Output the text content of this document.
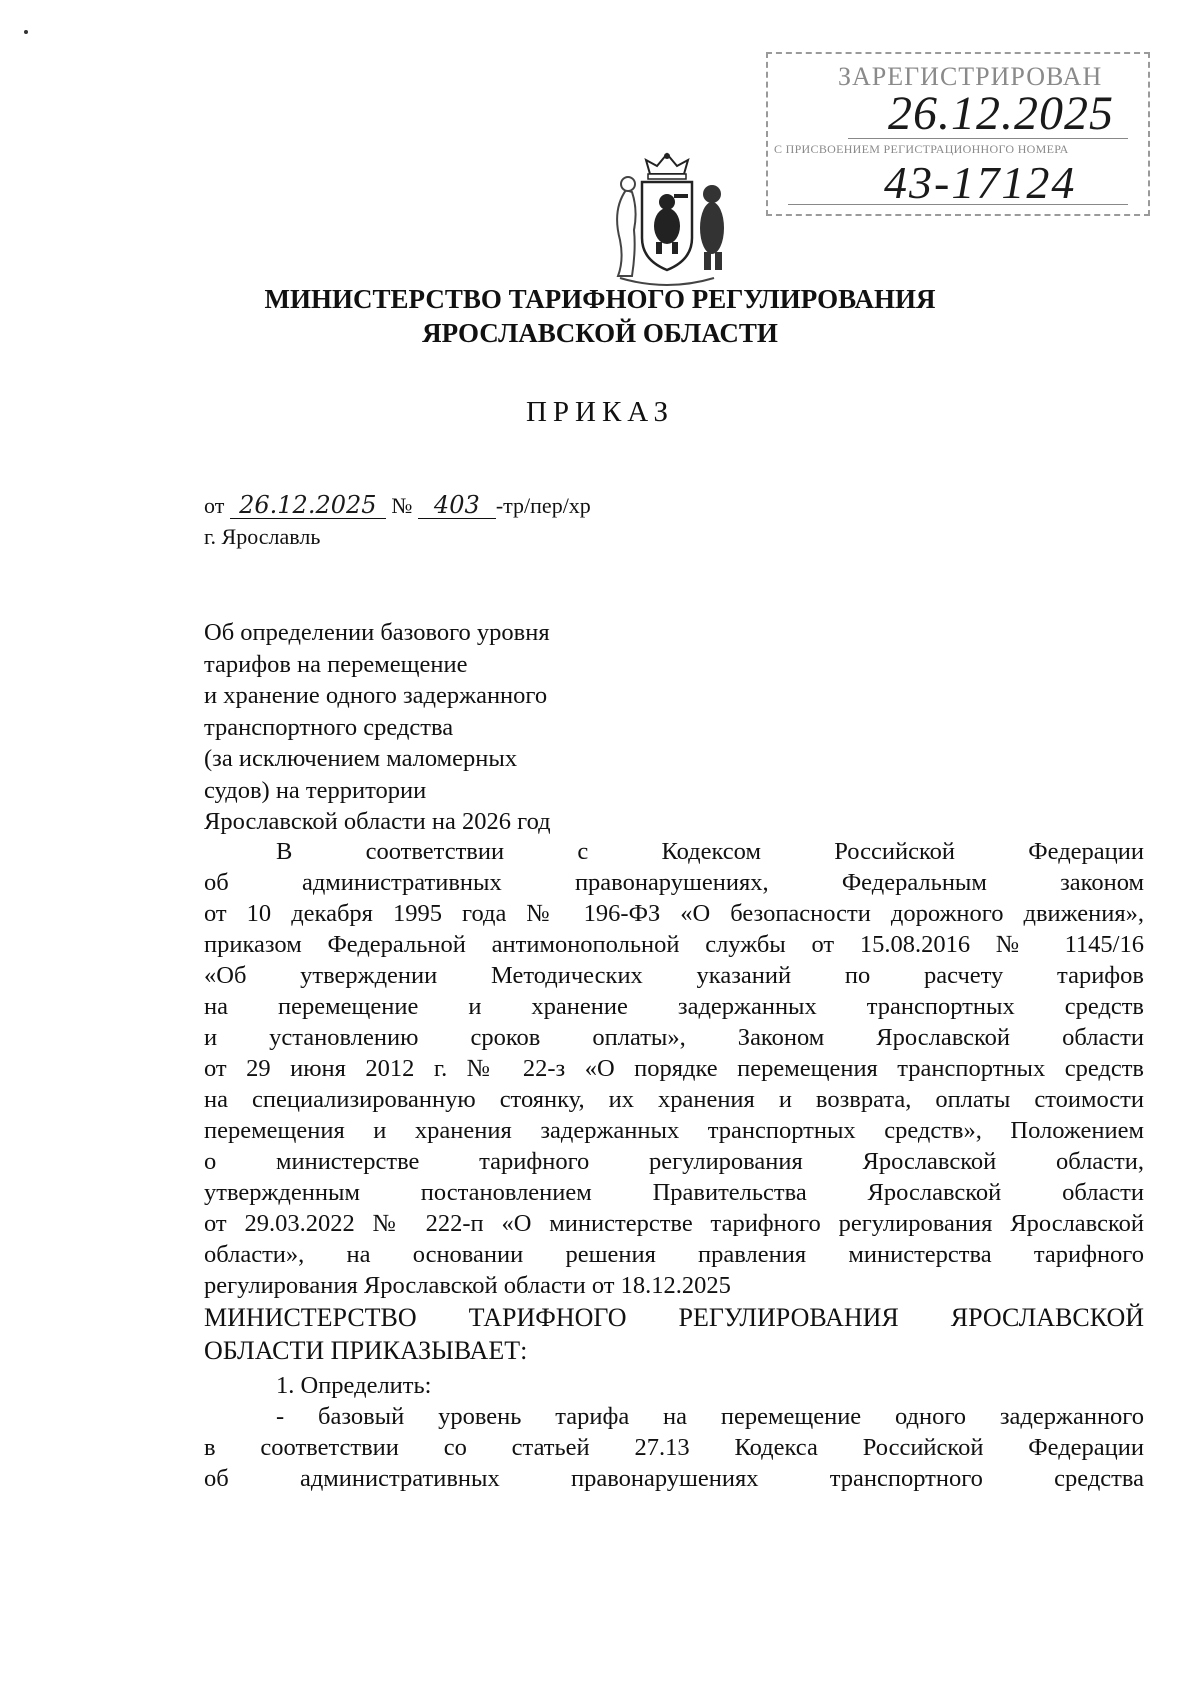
ЗАРЕГИСТРИРОВАН
26.12.2025
С ПРИСВОЕНИЕМ РЕГИСТРАЦИОННОГО НОМЕРА
43-17124
МИНИСТЕРСТВО ТАРИФНОГО РЕГУЛИРОВАНИЯ
ЯРОСЛАВСКОЙ ОБЛАСТИ
ПРИКАЗ
от 26.12.2025 № 403 -тр/пер/хр
г. Ярославль
Об определении базового уровня
тарифов на перемещение
и хранение одного задержанного
транспортного средства
(за исключением маломерных
судов) на территории
Ярославской области на 2026 год
В соответствии с Кодексом Российской Федерации
об административных правонарушениях, Федеральным законом
от 10 декабря 1995 года № 196-ФЗ «О безопасности дорожного движения»,
приказом Федеральной антимонопольной службы от 15.08.2016 № 1145/16
«Об утверждении Методических указаний по расчету тарифов
на перемещение и хранение задержанных транспортных средств
и установлению сроков оплаты», Законом Ярославской области
от 29 июня 2012 г. № 22-з «О порядке перемещения транспортных средств
на специализированную стоянку, их хранения и возврата, оплаты стоимости
перемещения и хранения задержанных транспортных средств», Положением
о министерстве тарифного регулирования Ярославской области,
утвержденным постановлением Правительства Ярославской области
от 29.03.2022 № 222-п «О министерстве тарифного регулирования Ярославской
области», на основании решения правления министерства тарифного
регулирования Ярославской области от 18.12.2025
МИНИСТЕРСТВО ТАРИФНОГО РЕГУЛИРОВАНИЯ ЯРОСЛАВСКОЙ
ОБЛАСТИ ПРИКАЗЫВАЕТ:
1. Определить:
- базовый уровень тарифа на перемещение одного задержанного
в соответствии со статьей 27.13 Кодекса Российской Федерации
об административных правонарушениях транспортного средства
